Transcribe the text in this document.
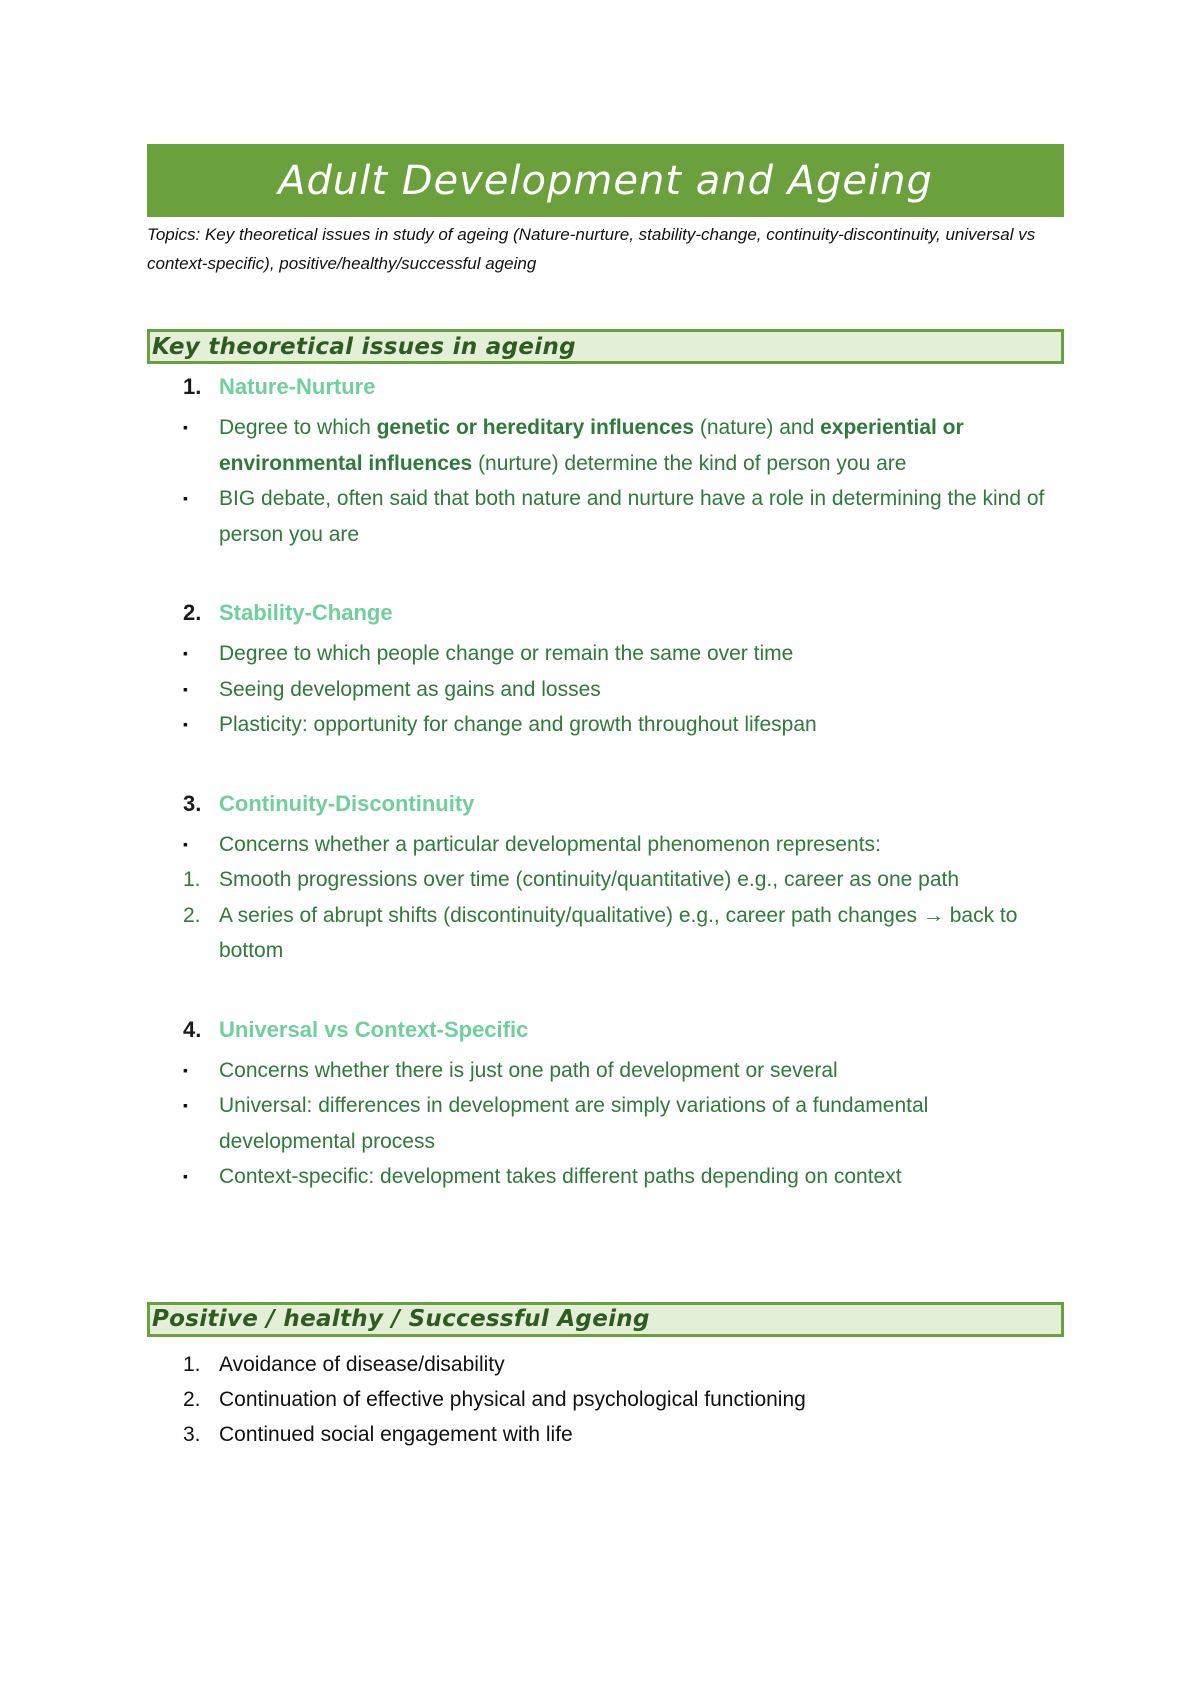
Adult Development and Ageing
Topics: Key theoretical issues in study of ageing (Nature-nurture, stability-change, continuity-discontinuity, universal vs context-specific), positive/healthy/successful ageing
Key theoretical issues in ageing
1. Nature-Nurture
▪	Degree to which genetic or hereditary influences (nature) and experiential or environmental influences (nurture) determine the kind of person you are
▪	BIG debate, often said that both nature and nurture have a role in determining the kind of person you are
2. Stability-Change
▪	Degree to which people change or remain the same over time
▪	Seeing development as gains and losses
▪	Plasticity: opportunity for change and growth throughout lifespan
3. Continuity-Discontinuity
▪	Concerns whether a particular developmental phenomenon represents:
1. Smooth progressions over time (continuity/quantitative) e.g., career as one path
2. A series of abrupt shifts (discontinuity/qualitative) e.g., career path changes → back to bottom
4. Universal vs Context-Specific
▪	Concerns whether there is just one path of development or several
▪	Universal: differences in development are simply variations of a fundamental developmental process
▪	Context-specific: development takes different paths depending on context
Positive / healthy / Successful Ageing
1. Avoidance of disease/disability
2. Continuation of effective physical and psychological functioning
3. Continued social engagement with life
